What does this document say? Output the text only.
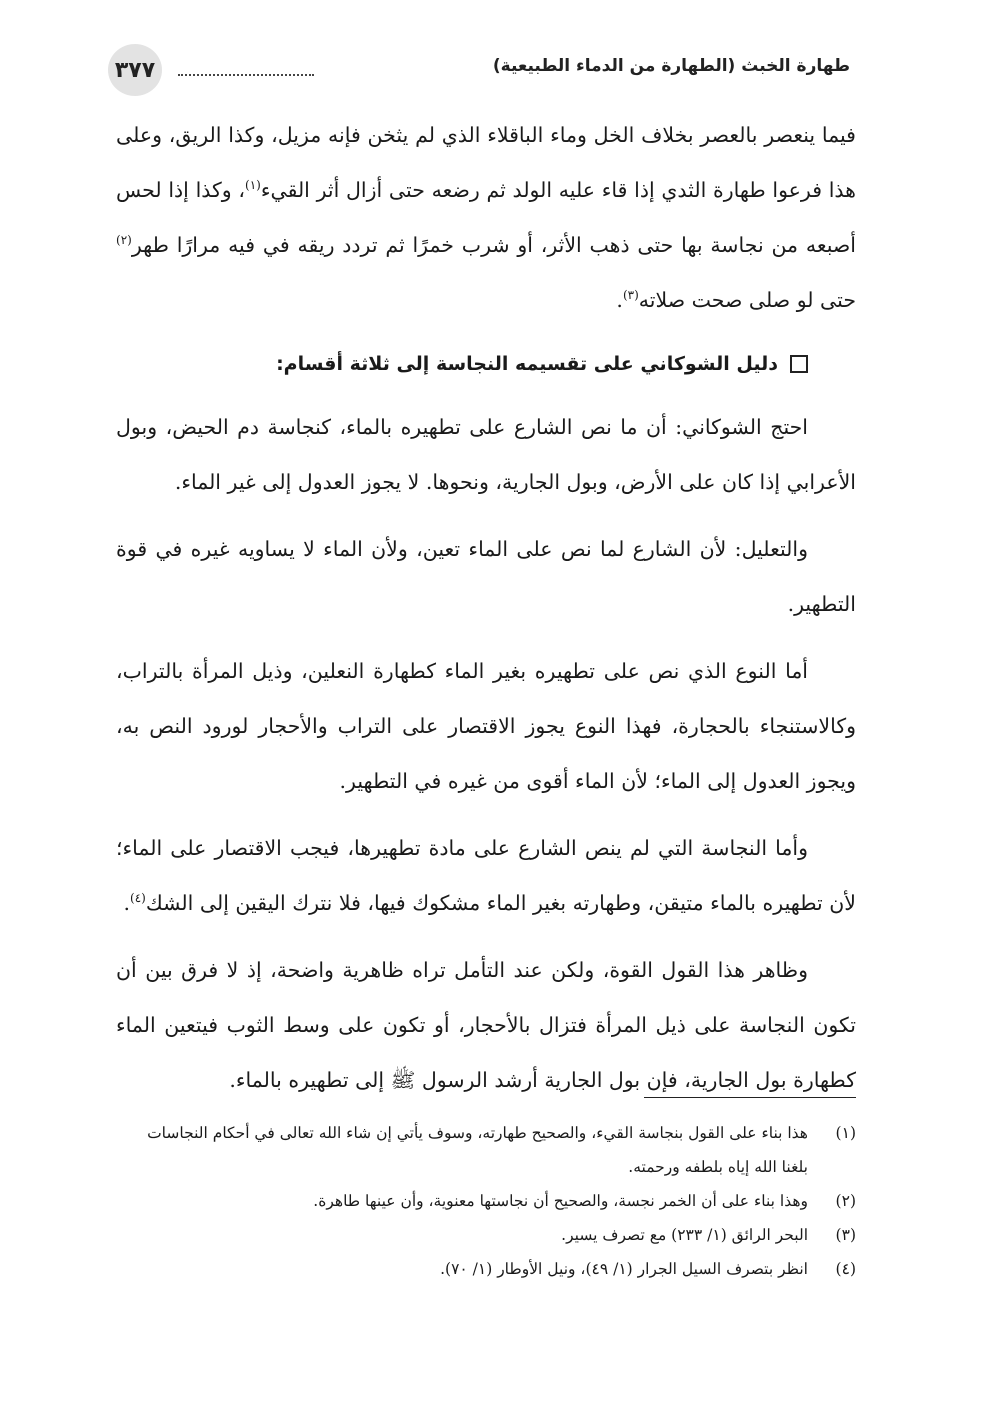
٣٧٧	طهارة الخبث (الطهارة من الدماء الطبيعية)

فيما ينعصر بالعصر بخلاف الخل وماء الباقلاء الذي لم يثخن فإنه مزيل، وكذا الريق، وعلى هذا فرعوا طهارة الثدي إذا قاء عليه الولد ثم رضعه حتى أزال أثر القيء$^{(١)}$، وكذا إذا لحس أصبعه من نجاسة بها حتى ذهب الأثر، أو شرب خمرًا ثم تردد ريقه في فيه مرارًا طهر$^{(٢)}$ حتى لو صلى صحت صلاته$^{(٣)}$.

دليل الشوكاني على تقسيمه النجاسة إلى ثلاثة أقسام:

احتج الشوكاني: أن ما نص الشارع على تطهيره بالماء، كنجاسة دم الحيض، وبول الأعرابي إذا كان على الأرض، وبول الجارية، ونحوها. لا يجوز العدول إلى غير الماء.

والتعليل: لأن الشارع لما نص على الماء تعين، ولأن الماء لا يساويه غيره في قوة التطهير.

أما النوع الذي نص على تطهيره بغير الماء كطهارة النعلين، وذيل المرأة بالتراب، وكالاستنجاء بالحجارة، فهذا النوع يجوز الاقتصار على التراب والأحجار لورود النص به، ويجوز العدول إلى الماء؛ لأن الماء أقوى من غيره في التطهير.

وأما النجاسة التي لم ينص الشارع على مادة تطهيرها، فيجب الاقتصار على الماء؛ لأن تطهيره بالماء متيقن، وطهارته بغير الماء مشكوك فيها، فلا نترك اليقين إلى الشك$^{(٤)}$.

وظاهر هذا القول القوة، ولكن عند التأمل تراه ظاهرية واضحة، إذ لا فرق بين أن تكون النجاسة على ذيل المرأة فتزال بالأحجار، أو تكون على وسط الثوب فيتعين الماء كطهارة بول الجارية، فإن بول الجارية أرشد الرسول ﷺ إلى تطهيره بالماء.

(١)
هذا بناء على القول بنجاسة القيء، والصحيح طهارته، وسوف يأتي إن شاء الله تعالى في أحكام النجاسات بلغنا الله إياه بلطفه ورحمته.
(٢)
وهذا بناء على أن الخمر نجسة، والصحيح أن نجاستها معنوية، وأن عينها طاهرة.
(٣)
البحر الرائق (١/ ٢٣٣) مع تصرف يسير.
(٤)
انظر بتصرف السيل الجرار (١/ ٤٩)، ونيل الأوطار (١/ ٧٠).
